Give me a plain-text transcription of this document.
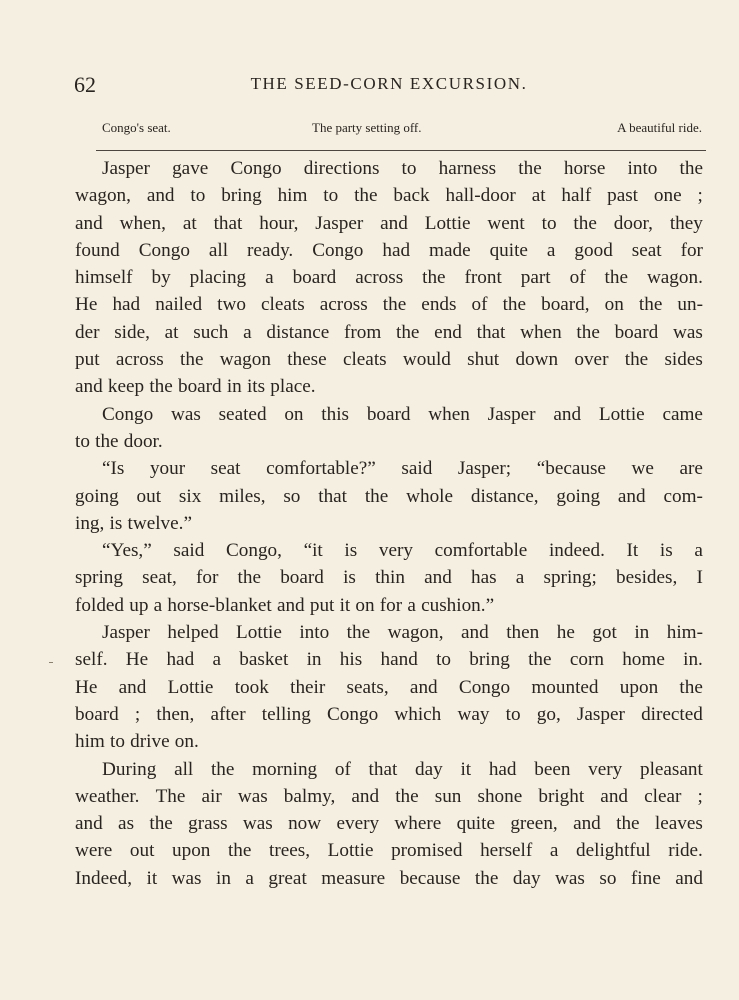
62	THE SEED-CORN EXCURSION.
Congo's seat.	The party setting off.	A beautiful ride.
Jasper gave Congo directions to harness the horse into the
wagon, and to bring him to the back hall-door at half past one ;
and when, at that hour, Jasper and Lottie went to the door, they
found Congo all ready. Congo had made quite a good seat for
himself by placing a board across the front part of the wagon.
He had nailed two cleats across the ends of the board, on the un-
der side, at such a distance from the end that when the board was
put across the wagon these cleats would shut down over the sides
and keep the board in its place.
Congo was seated on this board when Jasper and Lottie came
to the door.
“Is your seat comfortable?” said Jasper; “because we are
going out six miles, so that the whole distance, going and com-
ing, is twelve.”
“Yes,” said Congo, “it is very comfortable indeed. It is a
spring seat, for the board is thin and has a spring; besides, I
folded up a horse-blanket and put it on for a cushion.”
Jasper helped Lottie into the wagon, and then he got in him-
self. He had a basket in his hand to bring the corn home in.
He and Lottie took their seats, and Congo mounted upon the
board ; then, after telling Congo which way to go, Jasper directed
him to drive on.
During all the morning of that day it had been very pleasant
weather. The air was balmy, and the sun shone bright and clear ;
and as the grass was now every where quite green, and the leaves
were out upon the trees, Lottie promised herself a delightful ride.
Indeed, it was in a great measure because the day was so fine and
